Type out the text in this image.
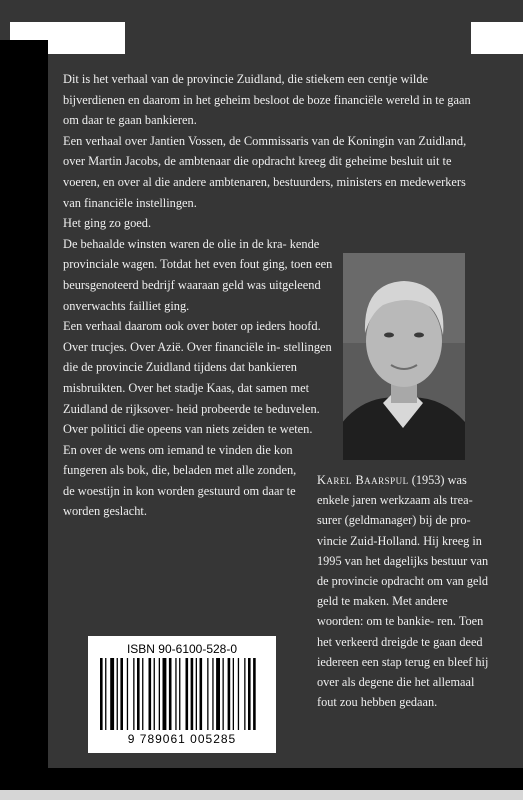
Dit is het verhaal van de provincie Zuidland, die stiekem een centje wilde bijverdienen en daarom in het geheim besloot de boze financiële wereld in te gaan om daar te gaan bankieren.

Een verhaal over Jantien Vossen, de Commissaris van de Koningin van Zuidland, over Martin Jacobs, de ambtenaar die opdracht kreeg dit geheime besluit uit te voeren, en over al die andere ambtenaren, bestuurders, ministers en medewerkers van financiële instellingen.

Het ging zo goed.

De behaalde winsten waren de olie in de kra- kende provinciale wagen. Totdat het even fout ging, toen een beursgenoteerd bedrijf waaraan geld was uitgeleend onverwachts failliet ging.

Een verhaal daarom ook over boter op ieders hoofd.

Over trucjes. Over Azië. Over financiële in- stellingen die de provincie Zuidland tijdens dat bankieren misbruikten. Over het stadje Kaas, dat samen met Zuidland de rijksover- heid probeerde te beduvelen. Over politici die opeens van niets zeiden te weten.

En over de wens om iemand te vinden die kon fungeren als bok, die, beladen met alle zonden, de woestijn in kon worden gestuurd om daar te worden geslacht.

Karel Baarspul (1953) was enkele jaren werkzaam als trea- surer (geldmanager) bij de pro- vincie Zuid-Holland. Hij kreeg in 1995 van het dagelijks bestuur van de provincie opdracht om van geld geld te maken. Met andere woorden: om te bankie- ren. Toen het verkeerd dreigde te gaan deed iedereen een stap terug en bleef hij over als degene die het allemaal fout zou hebben gedaan.
ISBN 90-6100-528-0
9 789061 005285
